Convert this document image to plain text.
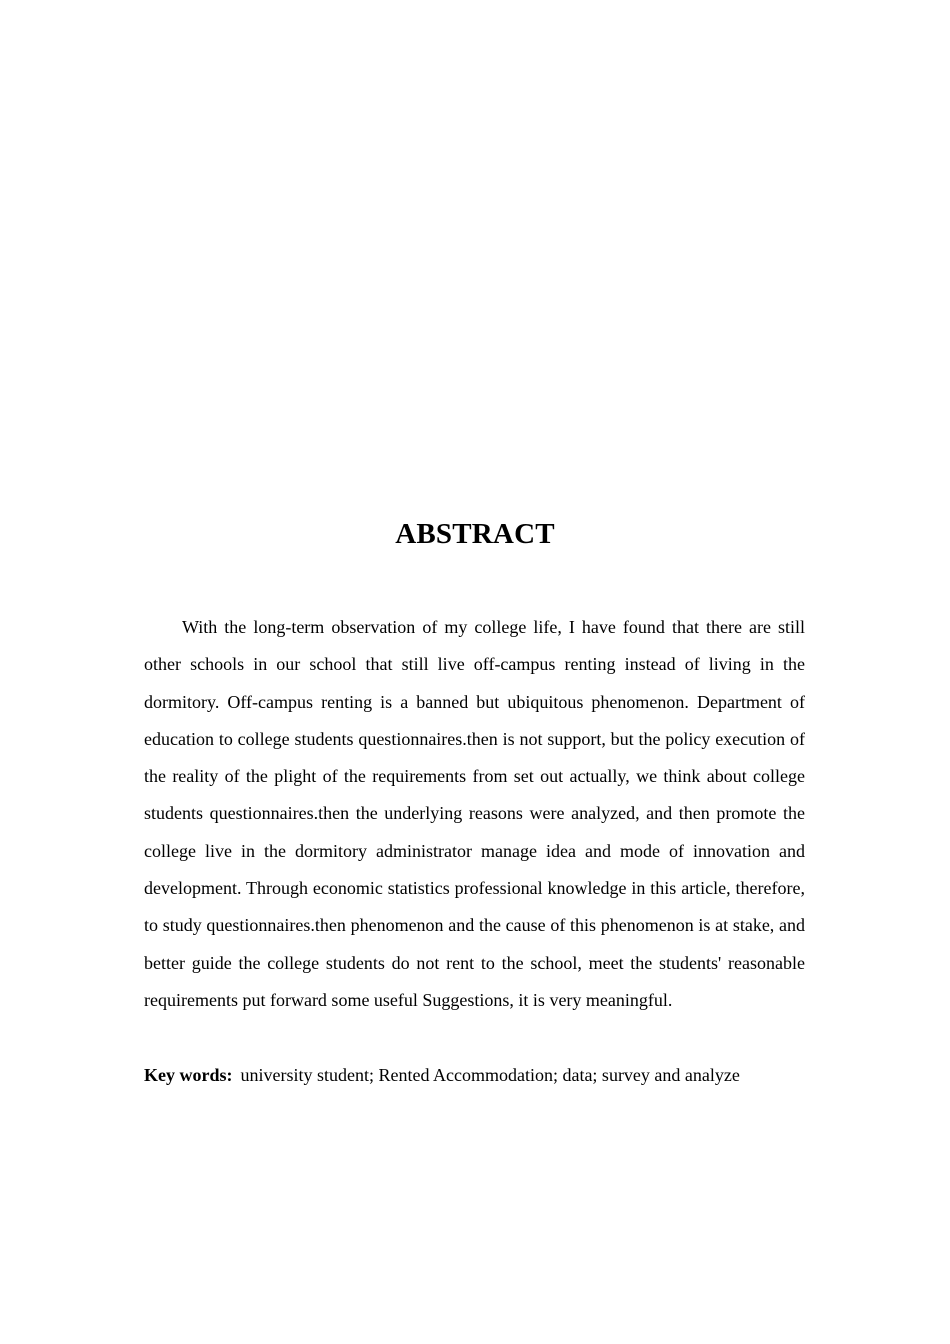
ABSTRACT

With the long-term observation of my college life, I have found that there are still other schools in our school that still live off-campus renting instead of living in the dormitory. Off-campus renting is a banned but ubiquitous phenomenon. Department of education to college students questionnaires.then is not support, but the policy execution of the reality of the plight of the requirements from set out actually, we think about college students questionnaires.then the underlying reasons were analyzed, and then promote the college live in the dormitory administrator manage idea and mode of innovation and development. Through economic statistics professional knowledge in this article, therefore, to study questionnaires.then phenomenon and the cause of this phenomenon is at stake, and better guide the college students do not rent to the school, meet the students' reasonable requirements put forward some useful Suggestions, it is very meaningful.

Key words: university student; Rented Accommodation; data; survey and analyze
